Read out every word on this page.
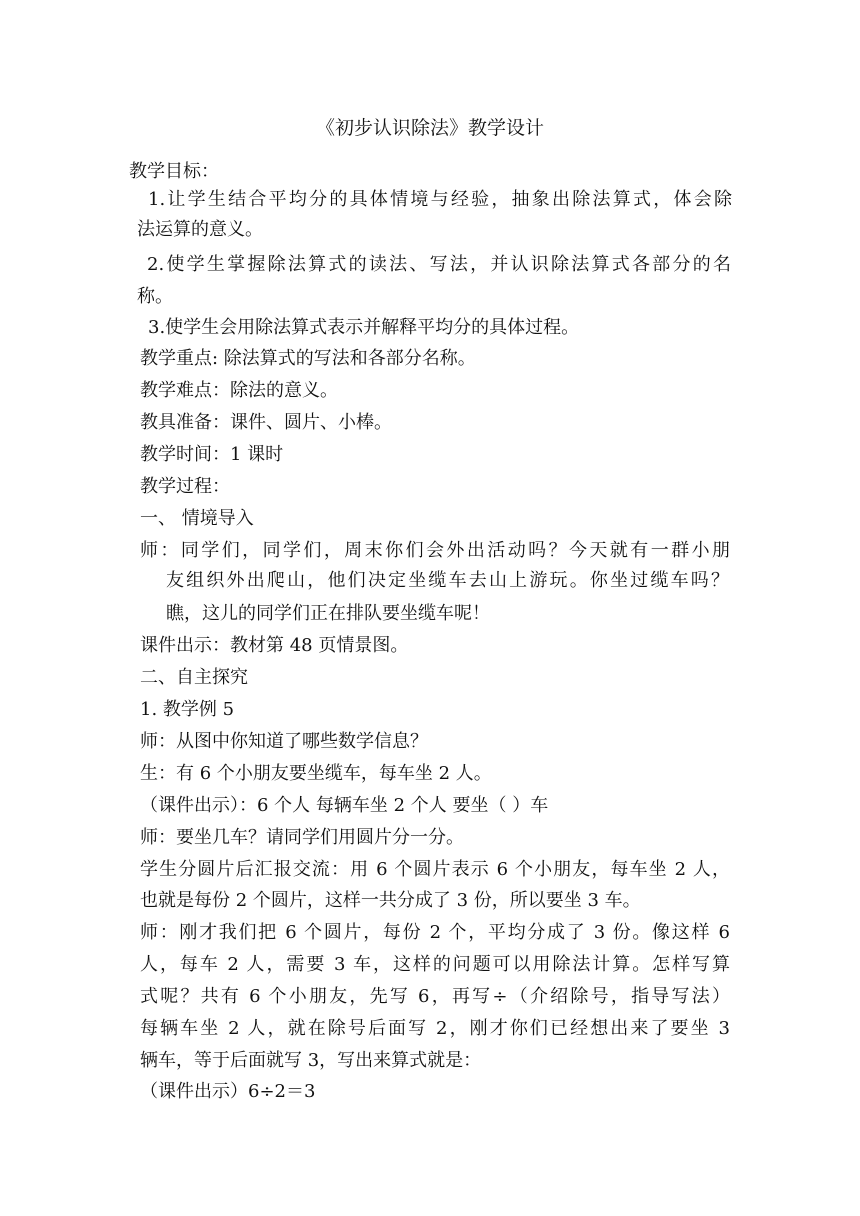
《初步认识除法》教学设计
教学目标：
1.让学生结合平均分的具体情境与经验，抽象出除法算式，体会除
法运算的意义。
2.使学生掌握除法算式的读法、写法，并认识除法算式各部分的名
称。
3.使学生会用除法算式表示并解释平均分的具体过程。
教学重点: 除法算式的写法和各部分名称。
教学难点：除法的意义。
教具准备：课件、圆片、小棒。
教学时间：1 课时
教学过程：
一、 情境导入
师：同学们，同学们，周末你们会外出活动吗？今天就有一群小朋
友组织外出爬山，他们决定坐缆车去山上游玩。你坐过缆车吗？
瞧，这儿的同学们正在排队要坐缆车呢！
课件出示：教材第 48 页情景图。
二、自主探究
1. 教学例 5
师：从图中你知道了哪些数学信息？
生：有 6 个小朋友要坐缆车，每车坐 2 人。
（课件出示）：6 个人 每辆车坐 2 个人 要坐（ ）车
师：要坐几车？请同学们用圆片分一分。
学生分圆片后汇报交流：用 6 个圆片表示 6 个小朋友，每车坐 2 人，
也就是每份 2 个圆片，这样一共分成了 3 份，所以要坐 3 车。
师：刚才我们把 6 个圆片，每份 2 个，平均分成了 3 份。像这样 6
人，每车 2 人，需要 3 车，这样的问题可以用除法计算。怎样写算
式呢？共有 6 个小朋友，先写 6，再写÷（介绍除号，指导写法）
每辆车坐 2 人，就在除号后面写 2，刚才你们已经想出来了要坐 3
辆车，等于后面就写 3，写出来算式就是：
（课件出示）6÷2＝3
